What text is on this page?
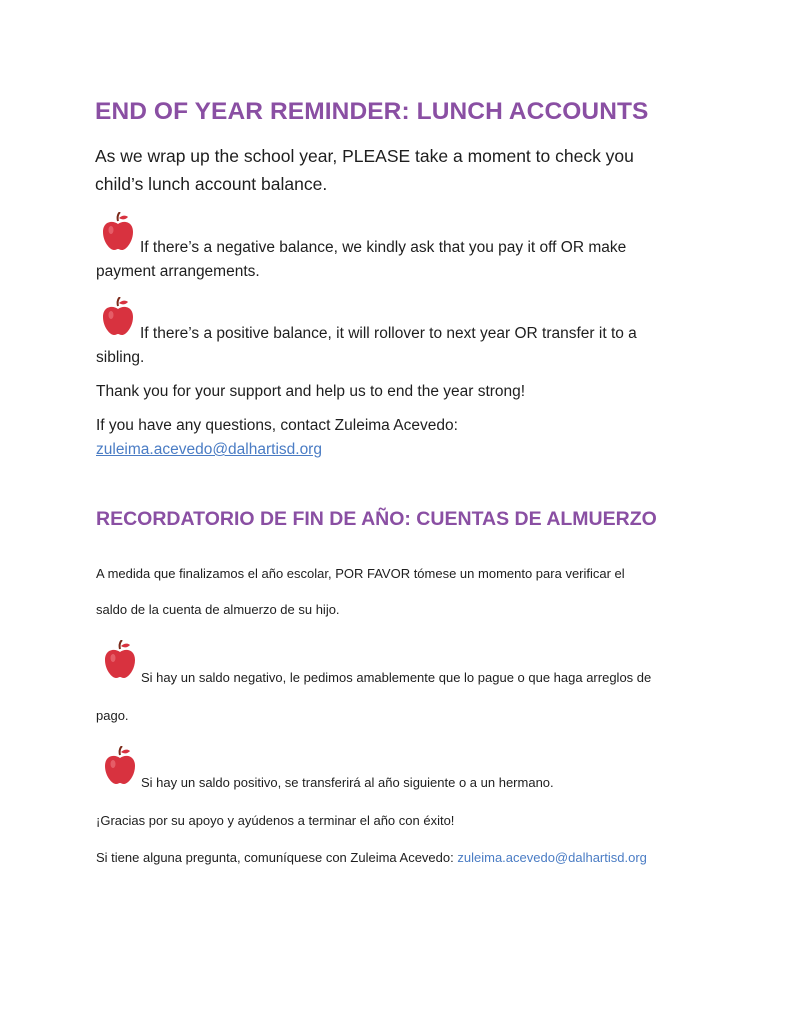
END OF YEAR REMINDER: LUNCH ACCOUNTS
As we wrap up the school year, PLEASE take a moment to check you
child’s lunch account balance.
If there’s a negative balance, we kindly ask that you pay it off OR make
payment arrangements.
If there’s a positive balance, it will rollover to next year OR transfer it to a
sibling.
Thank you for your support and help us to end the year strong!
If you have any questions, contact Zuleima Acevedo:
zuleima.acevedo@dalhartisd.org
RECORDATORIO DE FIN DE AÑO: CUENTAS DE ALMUERZO
A medida que finalizamos el año escolar, POR FAVOR tómese un momento para verificar el
saldo de la cuenta de almuerzo de su hijo.
Si hay un saldo negativo, le pedimos amablemente que lo pague o que haga arreglos de
pago.
Si hay un saldo positivo, se transferirá al año siguiente o a un hermano.
¡Gracias por su apoyo y ayúdenos a terminar el año con éxito!
Si tiene alguna pregunta, comuníquese con Zuleima Acevedo: zuleima.acevedo@dalhartisd.org
